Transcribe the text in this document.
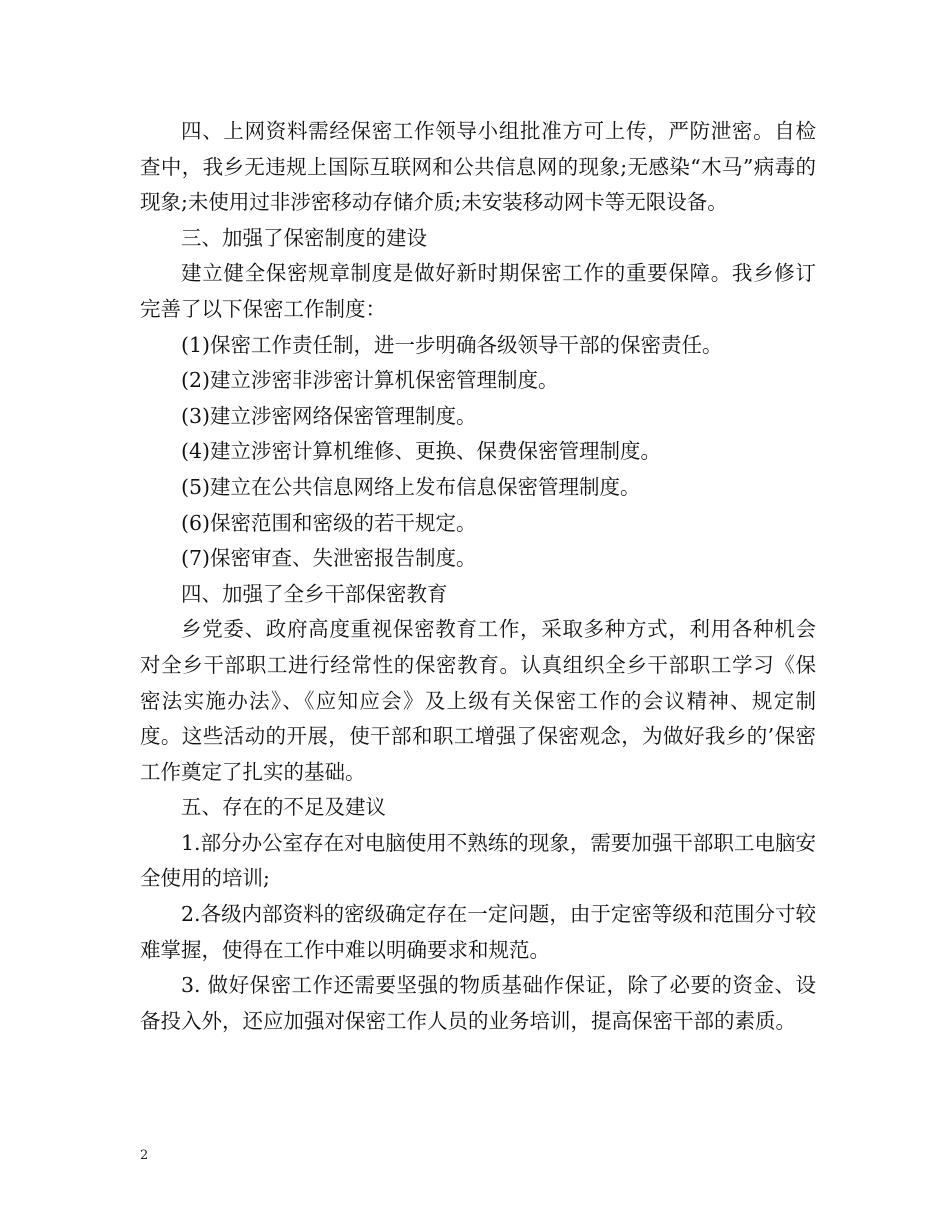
四、上网资料需经保密工作领导小组批准方可上传，严防泄密。自检查中，我乡无违规上国际互联网和公共信息网的现象;无感染“木马”病毒的现象;未使用过非涉密移动存储介质;未安装移动网卡等无限设备。

三、加强了保密制度的建设

建立健全保密规章制度是做好新时期保密工作的重要保障。我乡修订完善了以下保密工作制度：

(1)保密工作责任制，进一步明确各级领导干部的保密责任。

(2)建立涉密非涉密计算机保密管理制度。

(3)建立涉密网络保密管理制度。

(4)建立涉密计算机维修、更换、保费保密管理制度。

(5)建立在公共信息网络上发布信息保密管理制度。

(6)保密范围和密级的若干规定。

(7)保密审查、失泄密报告制度。

四、加强了全乡干部保密教育

乡党委、政府高度重视保密教育工作，采取多种方式，利用各种机会对全乡干部职工进行经常性的保密教育。认真组织全乡干部职工学习《保密法实施办法》、《应知应会》及上级有关保密工作的会议精神、规定制度。这些活动的开展，使干部和职工增强了保密观念，为做好我乡的’保密工作奠定了扎实的基础。

五、存在的不足及建议

1.部分办公室存在对电脑使用不熟练的现象，需要加强干部职工电脑安全使用的培训;

2.各级内部资料的密级确定存在一定问题，由于定密等级和范围分寸较难掌握，使得在工作中难以明确要求和规范。

3. 做好保密工作还需要坚强的物质基础作保证，除了必要的资金、设备投入外，还应加强对保密工作人员的业务培训，提高保密干部的素质。

2
